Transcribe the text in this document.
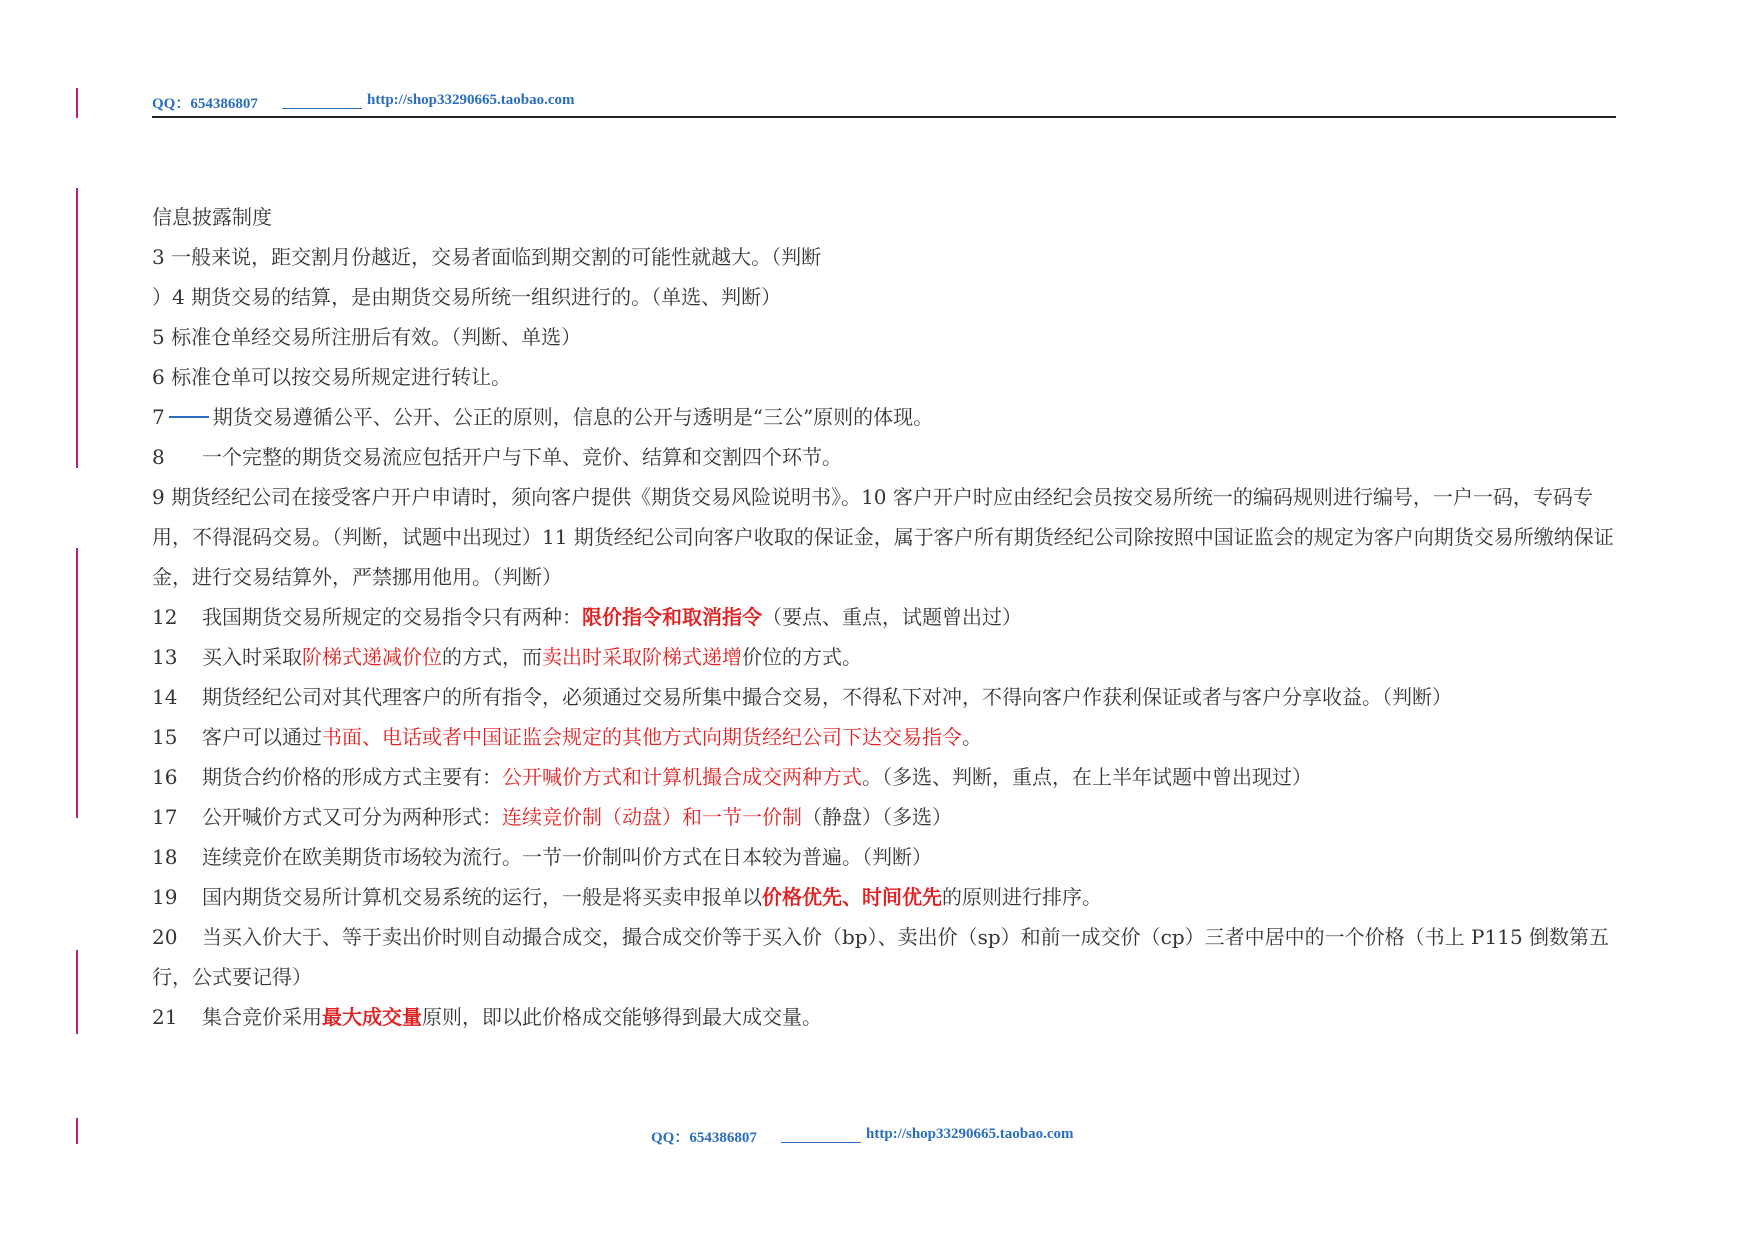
QQ：654386807	http://shop33290665.taobao.com
信息披露制度
3 一般来说，距交割月份越近，交易者面临到期交割的可能性就越大。（判断
）4 期货交易的结算，是由期货交易所统一组织进行的。（单选、判断）
5 标准仓单经交易所注册后有效。（判断、单选）
6 标准仓单可以按交易所规定进行转让。
7 期货交易遵循公平、公开、公正的原则，信息的公开与透明是“三公”原则的体现。
8 一个完整的期货交易流应包括开户与下单、竞价、结算和交割四个环节。
9 期货经纪公司在接受客户开户申请时，须向客户提供《期货交易风险说明书》。10 客户开户时应由经纪会员按交易所统一的编码规则进行编号，一户一码，专码专用，不得混码交易。（判断，试题中出现过）11 期货经纪公司向客户收取的保证金，属于客户所有期货经纪公司除按照中国证监会的规定为客户向期货交易所缴纳保证金，进行交易结算外，严禁挪用他用。（判断）
12 我国期货交易所规定的交易指令只有两种：限价指令和取消指令（要点、重点，试题曾出过）
13 买入时采取阶梯式递减价位的方式，而卖出时采取阶梯式递增价位的方式。
14 期货经纪公司对其代理客户的所有指令，必须通过交易所集中撮合交易，不得私下对冲，不得向客户作获利保证或者与客户分享收益。（判断）
15 客户可以通过书面、电话或者中国证监会规定的其他方式向期货经纪公司下达交易指令。
16 期货合约价格的形成方式主要有：公开喊价方式和计算机撮合成交两种方式。（多选、判断，重点，在上半年试题中曾出现过）
17 公开喊价方式又可分为两种形式：连续竞价制（动盘）和一节一价制（静盘）（多选）
18 连续竞价在欧美期货市场较为流行。一节一价制叫价方式在日本较为普遍。（判断）
19 国内期货交易所计算机交易系统的运行，一般是将买卖申报单以价格优先、时间优先的原则进行排序。
20 当买入价大于、等于卖出价时则自动撮合成交，撮合成交价等于买入价（bp）、卖出价（sp）和前一成交价（cp）三者中居中的一个价格（书上 P115 倒数第五行，公式要记得）
21 集合竞价采用最大成交量原则，即以此价格成交能够得到最大成交量。
QQ：654386807	http://shop33290665.taobao.com
